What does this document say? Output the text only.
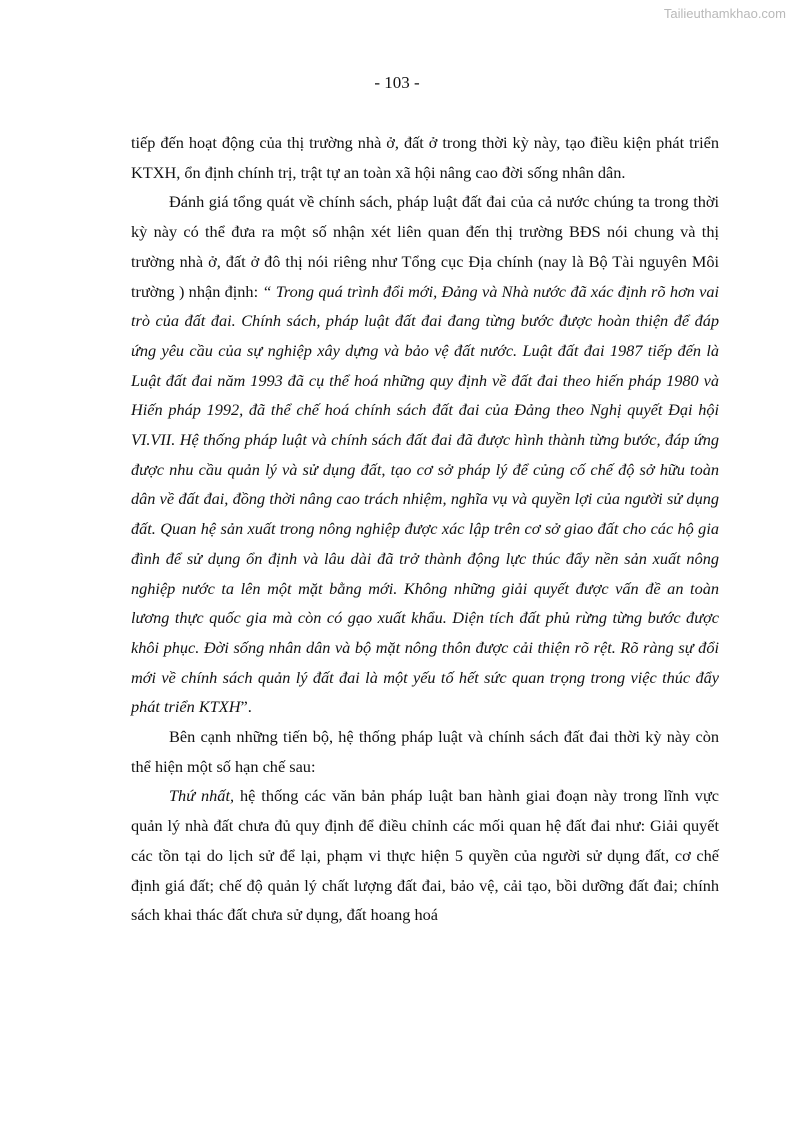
Tailieuthamkhao.com
- 103 -

tiếp đến hoạt động của thị trường nhà ở, đất ở trong thời kỳ này, tạo điều kiện phát triển KTXH, ổn định chính trị, trật tự an toàn xã hội nâng cao đời sống nhân dân.

Đánh giá tổng quát về chính sách, pháp luật đất đai của cả nước chúng ta trong thời kỳ này có thể đưa ra một số nhận xét liên quan đến thị trường BĐS nói chung và thị trường nhà ở, đất ở đô thị nói riêng như Tổng cục Địa chính (nay là Bộ Tài nguyên Môi trường ) nhận định: “ Trong quá trình đổi mới, Đảng và Nhà nước đã xác định rõ hơn vai trò của đất đai. Chính sách, pháp luật đất đai đang từng bước được hoàn thiện để đáp ứng yêu cầu của sự nghiệp xây dựng và bảo vệ đất nước. Luật đất đai 1987 tiếp đến là Luật đất đai năm 1993 đã cụ thể hoá những quy định về đất đai theo hiến pháp 1980 và Hiến pháp 1992, đã thể chế hoá chính sách đất đai của Đảng theo Nghị quyết Đại hội VI.VII. Hệ thống pháp luật và chính sách đất đai đã được hình thành từng bước, đáp ứng được nhu cầu quản lý và sử dụng đất, tạo cơ sở pháp lý để củng cố chế độ sở hữu toàn dân về đất đai, đồng thời nâng cao trách nhiệm, nghĩa vụ và quyền lợi của người sử dụng đất. Quan hệ sản xuất trong nông nghiệp được xác lập trên cơ sở giao đất cho các hộ gia đình để sử dụng ổn định và lâu dài đã trở thành động lực thúc đẩy nền sản xuất nông nghiệp nước ta lên một mặt bằng mới. Không những giải quyết được vấn đề an toàn lương thực quốc gia mà còn có gạo xuất khẩu. Diện tích đất phủ rừng từng bước được khôi phục. Đời sống nhân dân và bộ mặt nông thôn được cải thiện rõ rệt. Rõ ràng sự đổi mới về chính sách quản lý đất đai là một yếu tố hết sức quan trọng trong việc thúc đẩy phát triển KTXH”.

Bên cạnh những tiến bộ, hệ thống pháp luật và chính sách đất đai thời kỳ này còn thể hiện một số hạn chế sau:

Thứ nhất, hệ thống các văn bản pháp luật ban hành giai đoạn này trong lĩnh vực quản lý nhà đất chưa đủ quy định để điều chỉnh các mối quan hệ đất đai như: Giải quyết các tồn tại do lịch sử để lại, phạm vi thực hiện 5 quyền của người sử dụng đất, cơ chế định giá đất; chế độ quản lý chất lượng đất đai, bảo vệ, cải tạo, bồi dưỡng đất đai; chính sách khai thác đất chưa sử dụng, đất hoang hoá
